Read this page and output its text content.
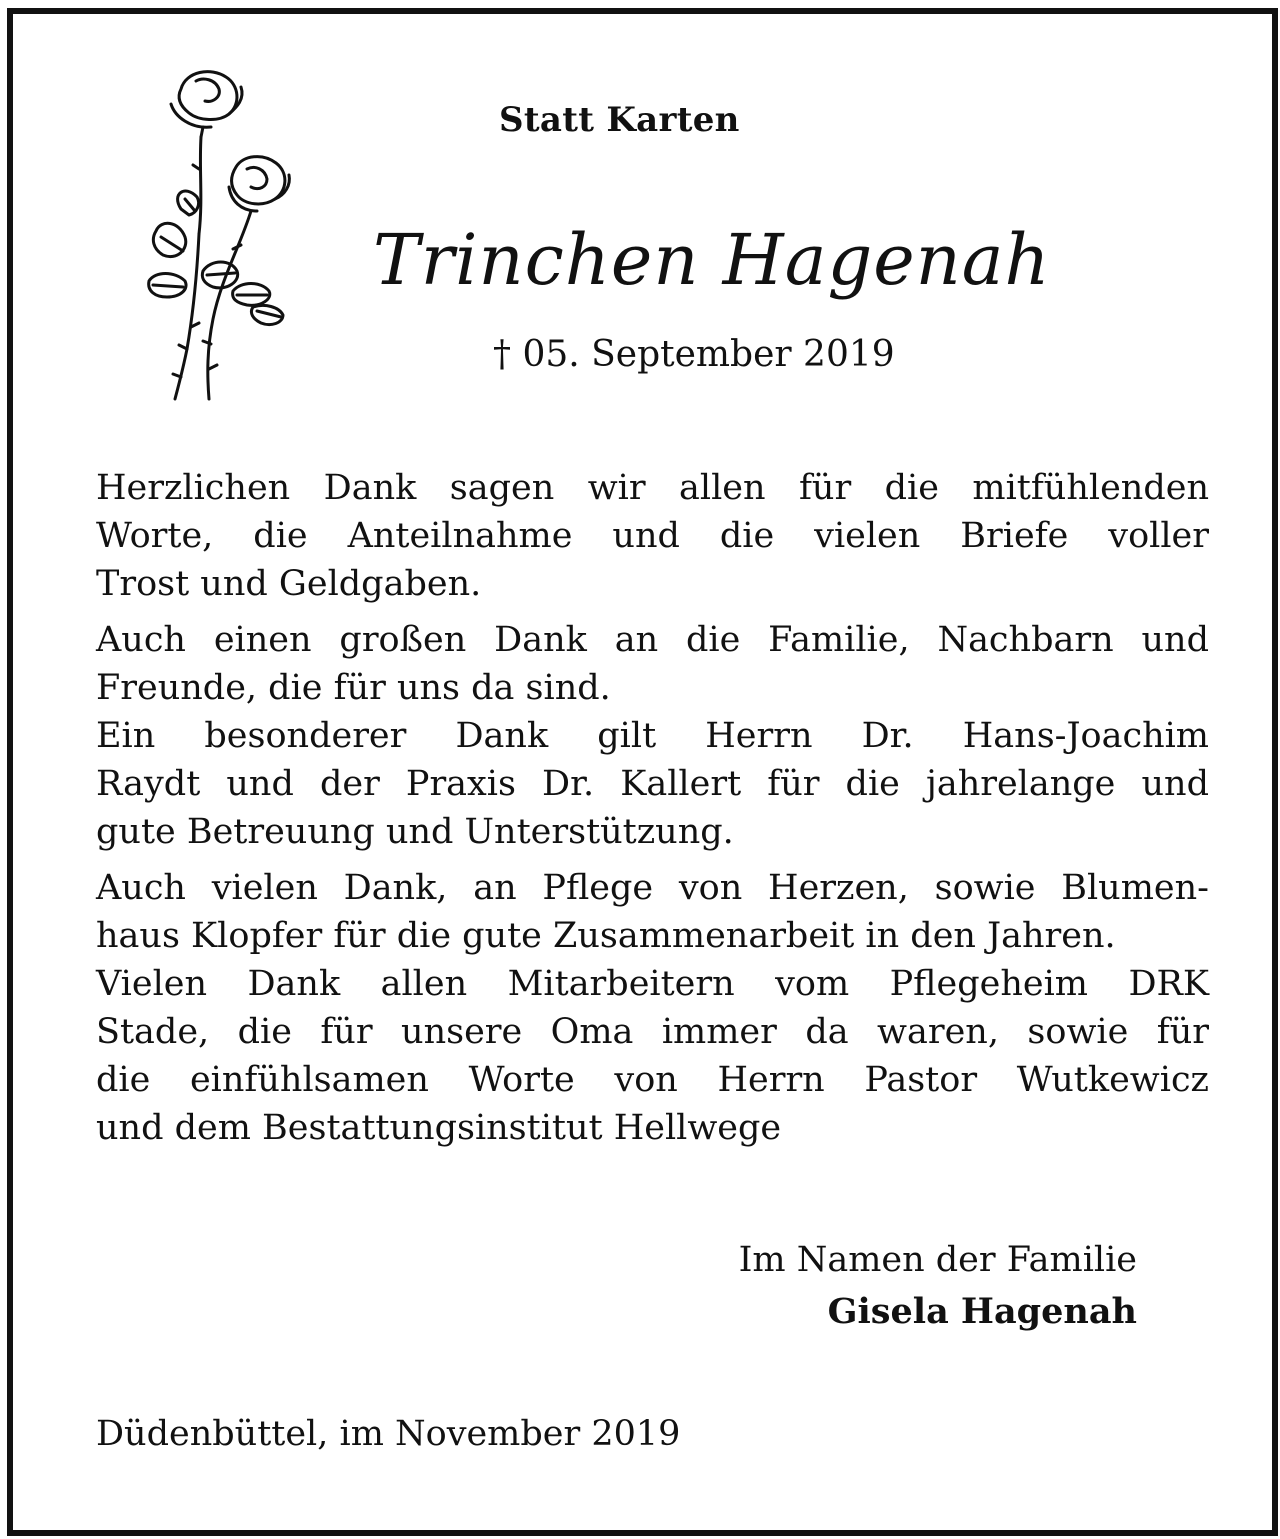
Statt Karten
Trinchen Hagenah
† 05. September 2019
Herzlichen Dank sagen wir allen für die mitfühlenden
Worte, die Anteilnahme und die vielen Briefe voller
Trost und Geldgaben.
Auch einen großen Dank an die Familie, Nachbarn und
Freunde, die für uns da sind.
Ein besonderer Dank gilt Herrn Dr. Hans-Joachim
Raydt und der Praxis Dr. Kallert für die jahrelange und
gute Betreuung und Unterstützung.
Auch vielen Dank, an Pflege von Herzen, sowie Blumen-
haus Klopfer für die gute Zusammenarbeit in den Jahren.
Vielen Dank allen Mitarbeitern vom Pflegeheim DRK
Stade, die für unsere Oma immer da waren, sowie für
die einfühlsamen Worte von Herrn Pastor Wutkewicz
und dem Bestattungsinstitut Hellwege
Im Namen der Familie
Gisela Hagenah
Düdenbüttel, im November 2019
